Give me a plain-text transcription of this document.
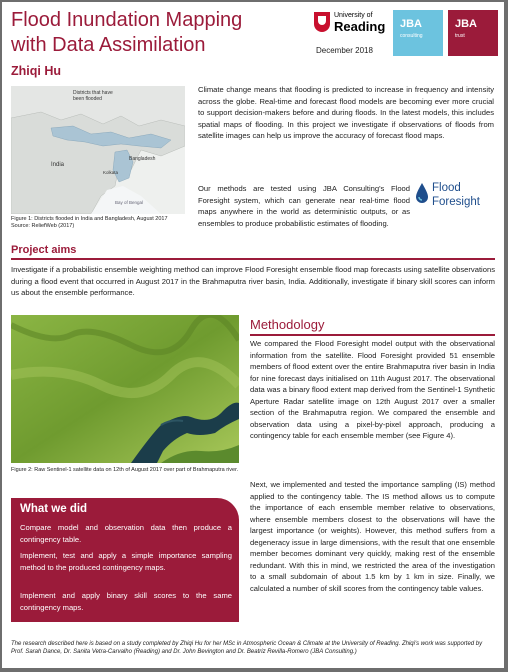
Flood Inundation Mapping
with Data Assimilation
Zhiqi Hu
University of
Reading
December 2018
JBA
consulting
JBA
trust
Districts that have
been flooded
Bangladesh
India
Kolkata
Bay of Bengal
Figure 1: Districts flooded in India and Bangladesh, August 2017
Source: ReliefWeb (2017)
Climate change means that flooding is predicted to increase in frequency and intensity across the globe. Real-time and forecast flood models are becoming ever more crucial to support decision-makers before and during floods. In the latest models, this includes spatial maps of flooding. In this project we investigate if observations of floods from satellite images can help us improve the accuracy of forecast flood maps.
Our methods are tested using JBA Consulting's Flood Foresight system, which can generate near real-time flood maps anywhere in the world as deterministic outputs, or as ensembles to produce probabilistic estimates of flooding.
Flood
Foresight
Project aims
Investigate if a probabilistic ensemble weighting method can improve Flood Foresight ensemble flood map forecasts using satellite observations during a flood event that occurred in August 2017 in the Brahmaputra river basin, India. Additionally, investigate if binary skill scores can inform us about the ensemble performance.
Figure 2: Raw Sentinel-1 satellite data on 12th of August 2017 over part of Brahmaputra river.
What we did
Compare model and observation data then produce a contingency table.
Implement, test and apply a simple importance sampling method to the produced contingency maps.
Implement and apply binary skill scores to the same contingency maps.
Methodology
We compared the Flood Foresight model output with the observational information from the satellite. Flood Foresight provided 51 ensemble members of flood extent over the entire Brahmaputra river basin in India for nine forecast days initialised on 11th August 2017. The observational data was a binary flood extent map derived from the Sentinel-1 Synthetic Aperture Radar satellite image on 12th August 2017 over a smaller section of the Brahmaputra region. We compared the ensemble and observation data using a pixel-by-pixel approach, producing a contingency table for each ensemble member (see Figure 4).
Next, we implemented and tested the importance sampling (IS) method applied to the contingency table. The IS method allows us to compute the importance of each ensemble member relative to observations, where ensemble members closest to the observations will have the largest importance (or weights). However, this method suffers from a degeneracy issue in large dimensions, with the result that one ensemble member becomes dominant very quickly, making rest of the ensemble redundant. With this in mind, we restricted the area of the investigation to a small subdomain of about 1.5 km by 1 km in size. Finally, we calculated a number of skill scores from the contingency table values.
The research described here is based on a study completed by Zhiqi Hu for her MSc in Atmospheric Ocean & Climate at the University of Reading. Zhiqi's work was supported by Prof. Sarah Dance, Dr. Sanita Vetra-Carvalho (Reading) and Dr. John Bevington and Dr. Beatriz Revilla-Romero (JBA Consulting.)
